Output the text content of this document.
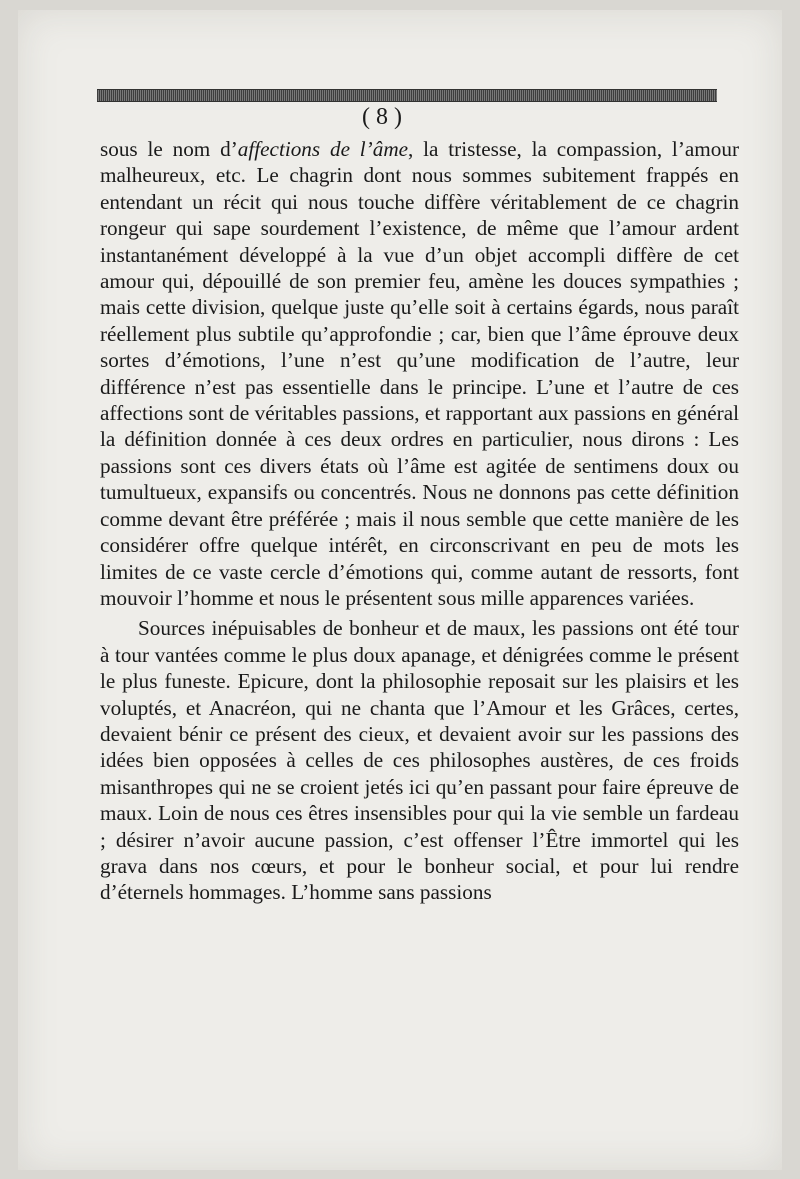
( 8 )

sous le nom d’affections de l’âme, la tristesse, la compassion, l’amour malheureux, etc. Le chagrin dont nous sommes subitement frappés en entendant un récit qui nous touche diffère véritablement de ce chagrin rongeur qui sape sourdement l’existence, de même que l’amour ardent instantanément développé à la vue d’un objet accompli diffère de cet amour qui, dépouillé de son premier feu, amène les douces sympathies ; mais cette division, quelque juste qu’elle soit à certains égards, nous paraît réellement plus subtile qu’approfondie ; car, bien que l’âme éprouve deux sortes d’émotions, l’une n’est qu’une modification de l’autre, leur différence n’est pas essentielle dans le principe. L’une et l’autre de ces affections sont de véritables passions, et rapportant aux passions en général la définition donnée à ces deux ordres en particulier, nous dirons : Les passions sont ces divers états où l’âme est agitée de sentimens doux ou tumultueux, expansifs ou concentrés. Nous ne donnons pas cette définition comme devant être préférée ; mais il nous semble que cette manière de les considérer offre quelque intérêt, en circonscrivant en peu de mots les limites de ce vaste cercle d’émotions qui, comme autant de ressorts, font mouvoir l’homme et nous le présentent sous mille apparences variées.

Sources inépuisables de bonheur et de maux, les passions ont été tour à tour vantées comme le plus doux apanage, et dénigrées comme le présent le plus funeste. Epicure, dont la philosophie reposait sur les plaisirs et les voluptés, et Anacréon, qui ne chanta que l’Amour et les Grâces, certes, devaient bénir ce présent des cieux, et devaient avoir sur les passions des idées bien opposées à celles de ces philosophes austères, de ces froids misanthropes qui ne se croient jetés ici qu’en passant pour faire épreuve de maux. Loin de nous ces êtres insensibles pour qui la vie semble un fardeau ; désirer n’avoir aucune passion, c’est offenser l’Être immortel qui les grava dans nos cœurs, et pour le bonheur social, et pour lui rendre d’éternels hommages. L’homme sans passions
